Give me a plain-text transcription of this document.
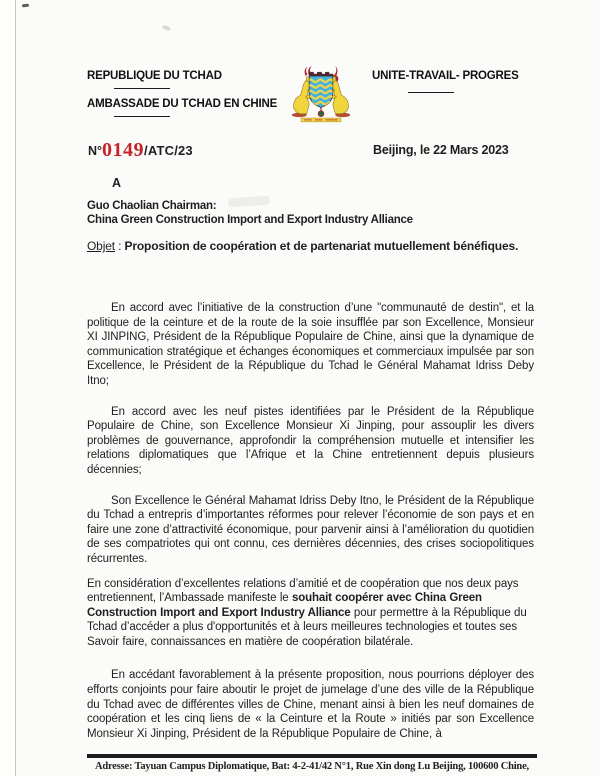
REPUBLIQUE DU TCHAD
AMBASSADE DU TCHAD EN CHINE
UNITE-TRAVAIL- PROGRES
N°0149/ATC/23	Beijing, le 22 Mars 2023
A
Guo Chaolian Chairman:
China Green Construction Import and Export Industry Alliance
Objet : Proposition de coopération et de partenariat mutuellement bénéfiques.

En accord avec l’initiative de la construction d’une "communauté de destin", et la politique de la ceinture et de la route de la soie insufflée par son Excellence, Monsieur XI JINPING, Président de la République Populaire de Chine, ainsi que la dynamique de communication stratégique et échanges économiques et commerciaux impulsée par son Excellence, le Président de la République du Tchad le Général Mahamat Idriss Deby Itno;

En accord avec les neuf pistes identifiées par le Président de la République Populaire de Chine, son Excellence Monsieur Xi Jinping, pour assouplir les divers problèmes de gouvernance, approfondir la compréhension mutuelle et intensifier les relations diplomatiques que l’Afrique et la Chine entretiennent depuis plusieurs décennies;

Son Excellence le Général Mahamat Idriss Deby Itno, le Président de la République du Tchad a entrepris d’importantes réformes pour relever l’économie de son pays et en faire une zone d’attractivité économique, pour parvenir ainsi à l’amélioration du quotidien de ses compatriotes qui ont connu, ces dernières décennies, des crises sociopolitiques récurrentes.

En considération d’excellentes relations d’amitié et de coopération que nos deux pays entretiennent, l’Ambassade manifeste le souhait coopérer avec China Green Construction Import and Export Industry Alliance pour permettre à la République du Tchad d’accéder a plus d'opportunités et à leurs meilleures technologies et toutes ses Savoir faire, connaissances en matière de coopération bilatérale.

En accédant favorablement à la présente proposition, nous pourrions déployer des efforts conjoints pour faire aboutir le projet de jumelage d’une des ville de la République du Tchad avec de différentes villes de Chine, menant ainsi à bien les neuf domaines de coopération et les cinq liens de « la Ceinture et la Route » initiés par son Excellence Monsieur Xi Jinping, Président de la République Populaire de Chine, à

Adresse: Tayuan Campus Diplomatique, Bat: 4-2-41/42 N°1, Rue Xin dong Lu Beijing, 100600 Chine,
